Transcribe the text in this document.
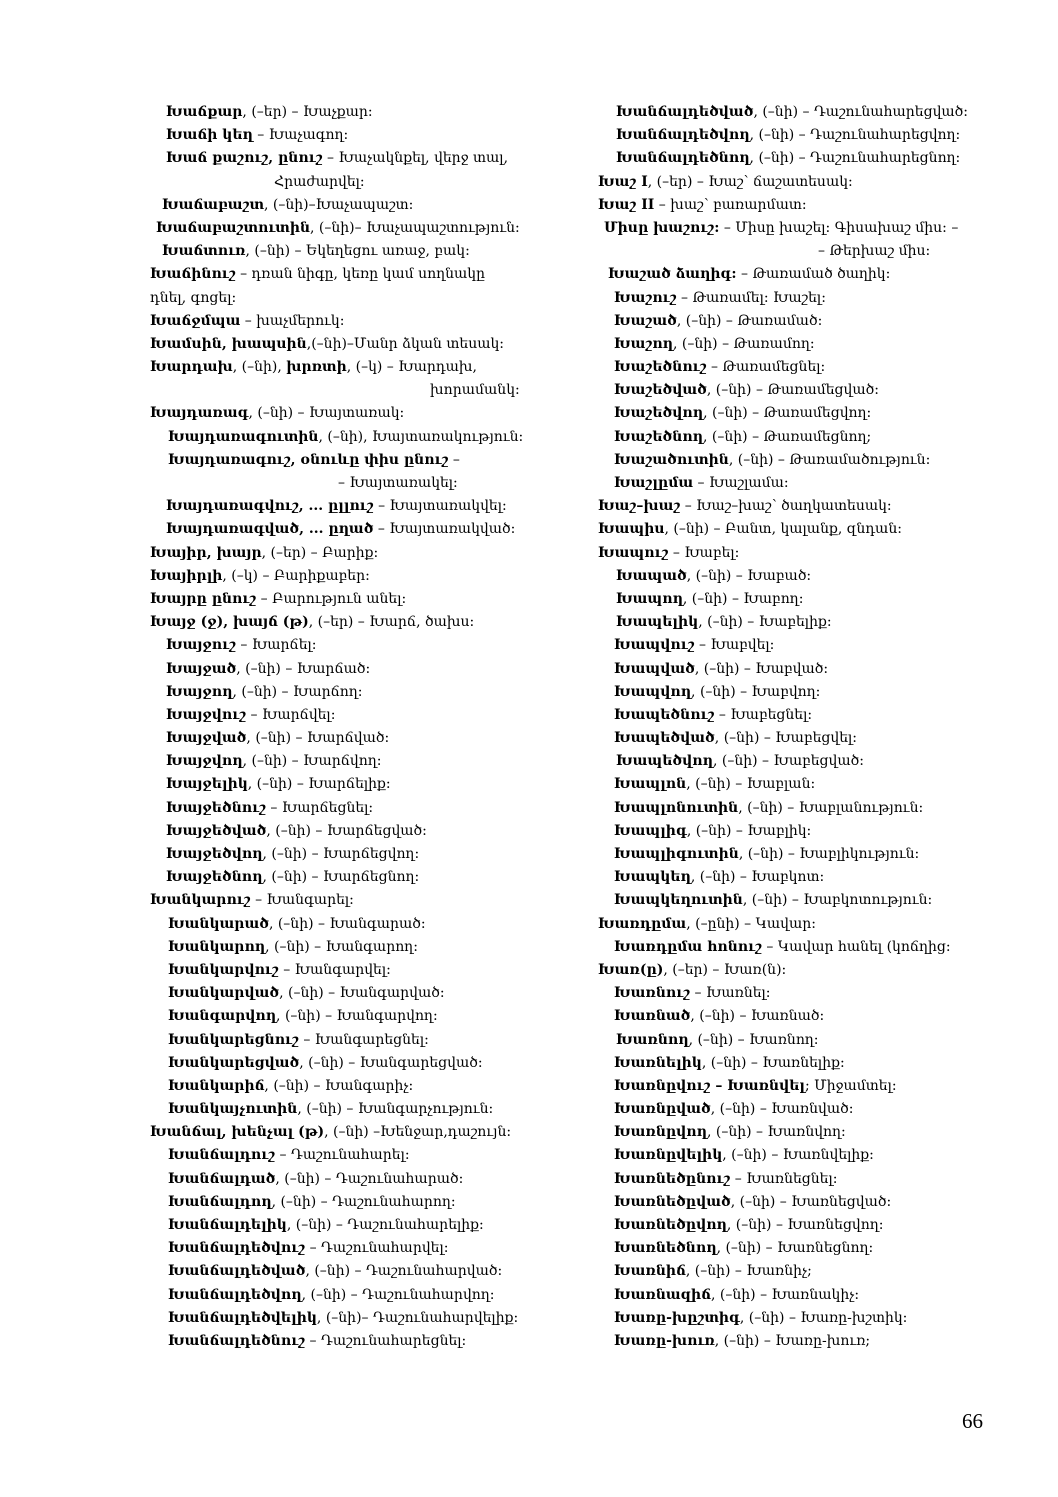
Խաճքար, (–եր) – Խաչքար։
Խաճի կեղ – Խաչագող։
Խաճ քաշուշ, ընուշ – Խաչակնքել, վերջ տալ,
Հրաժարվել։
Խաճաբաշտ, (–նի)–Խաչապաշտ։
Խաճաբաշտուտին, (–նի)– Խաչապաշտություն։
Խաճտուռ, (–նի) – Եկեղեցու առաջ, բակ։
Խաճինուշ – դռան նիգը, կեռը կամ սողնակը
դնել, գոցել։
Խաճջմպա – խաչմերուկ։
Խամսին, խապսին,(–նի)–Մանր ձկան տեսակ։
Խարդախ, (–նի), խրռտի, (–կ) – Խարդախ,
խորամանկ։
Խայդառագ, (–նի) – Խայտառակ։
Խայդառագուտին, (–նի), Խայտառակություն։
Խայդառագուշ, օնուևը փիս ընուշ –
– Խայտառակել։
Խայդառագվուշ, ... ըլլուշ – Խայտառակվել։
Խայդառագված, ... ըղած – Խայտառակված։
Խայիր, խայր, (–եր) – Բարիք։
Խայիրլի, (–կ) – Բարիքաբեր։
Խայրը ընուշ – Բարություն անել։
Խայջ (ջ), խայճ (թ), (–եր) – Խարճ, ծախս։
Խայջուշ – Խարճել։
Խայջած, (–նի) – Խարճած։
Խայջող, (–նի) – Խարճող։
Խայջվուշ – Խարճվել։
Խայջված, (–նի) – Խարճված։
Խայջվող, (–նի) – Խարճվող։
Խայջելիկ, (–նի) – Խարճելիք։
Խայջեծնուշ – Խարճեցնել։
Խայջեծված, (–նի) – Խարճեցված։
Խայջեծվող, (–նի) – Խարճեցվող։
Խայջեծնող, (–նի) – Խարճեցնող։
Խանկարուշ – Խանգարել։
Խանկարած, (–նի) – Խանգարած։
Խանկարող, (–նի) – Խանգարող։
Խանկարվուշ – Խանգարվել։
Խանկարված, (–նի) – Խանգարված։
Խանգարվող, (–նի) – Խանգարվող։
Խանկարեցնուշ – Խանգարեցնել։
Խանկարեցված, (–նի) – Խանգարեցված։
Խանկարիճ, (–նի) – Խանգարիչ։
Խանկայչուտին, (–նի) – Խանգարչություն։
Խանճալ, խենչալ (թ), (–նի) –Խենջար,դաշույն։
Խանճալդուշ – Դաշունահարել։
Խանճալդած, (–նի) – Դաշունահարած։
Խանճալդող, (–նի) – Դաշունահարող։
Խանճալդելիկ, (–նի) – Դաշունահարելիք։
Խանճալդեծվուշ – Դաշունահարվել։
Խանճալդեծված, (–նի) – Դաշունահարված։
Խանճալդեծվող, (–նի) – Դաշունահարվող։
Խանճալդեծվելիկ, (–նի)– Դաշունահարվելիք։
Խանճալդեծնուշ – Դաշունահարեցնել։
Խանճալդեծված, (–նի) – Դաշունահարեցված։
Խանճալդեծվող, (–նի) – Դաշունահարեցվող։
Խանճալդեծնող, (–նի) – Դաշունահարեցնող։
Խաշ I, (–եր) – Խաշ՝ ճաշատեսակ։
Խաշ II – խաշ՝ բառարմատ։
Միսը խաշուշ: – Միսը խաշել։ Գիսախաշ միս։ –
– Թերխաշ միս։
Խաշած ձաղիգ: – Թառամած ծաղիկ։
Խաշուշ – Թառամել։ Խաշել։
Խաշած, (–նի) – Թառամած։
Խաշող, (–նի) – Թառամող։
Խաշեծնուշ – Թառամեցնել։
Խաշեծված, (–նի) – Թառամեցված։
Խաշեծվող, (–նի) – Թառամեցվող։
Խաշեծնող, (–նի) – Թառամեցնող;
Խաշածուտին, (–նի) – Թառամածություն։
Խաշլըմա – Խաշլամա։
Խաշ–խաշ – Խաշ–խաշ՝ ծաղկատեսակ։
Խապիս, (–նի) – Բանտ, կալանք, զնդան։
Խապուշ – Խաբել։
Խապած, (–նի) – Խաբած։
Խապող, (–նի) – Խաբող։
Խապելիկ, (–նի) – Խաբելիք։
Խապվուշ – Խաբվել։
Խապված, (–նի) – Խաբված։
Խապվող, (–նի) – Խաբվող։
Խապեծնուշ – Խաբեցնել։
Խապեծված, (–նի) – Խաբեցվել։
Խապեծվող, (–նի) – Խաբեցված։
Խապլոն, (–նի) – Խաբլան։
Խապլոնուտին, (–նի) – Խաբլանություն։
Խապլիգ, (–նի) – Խաբլիկ։
Խապլիգուտին, (–նի) – Խաբլիկություն։
Խապկեղ, (–նի) – Խաբկոտ։
Խապկեղուտին, (–նի) – Խաբկոտություն։
Խառդըմա, (–ընի) – Կավար։
Խառդըմա հոնուշ – Կավար հանել (կոճղից։
Խառ(ը), (–եր) – Խառ(ն)։
Խառնուշ – Խառնել։
Խառնած, (–նի) – Խառնած։
Խառնող, (–նի) – Խառնող։
Խառնելիկ, (–նի) – Խառնելիք։
Խառնըվուշ – Խառնվել; Միջամտել։
Խառնըված, (–նի) – Խառնված։
Խառնըվող, (–նի) – Խառնվող։
Խառնըվելիկ, (–նի) – Խառնվելիք։
Խառնեծընուշ – Խառնեցնել։
Խառնեծըված, (–նի) – Խառնեցված։
Խառնեծըվող, (–նի) – Խառնեցվող։
Խառնեծնող, (–նի) – Խառնեցնող։
Խառնիճ, (–նի) – Խառնիչ;
Խառնազիճ, (–նի) – Խառնակիչ։
Խառը-խըշտիգ, (–նի) – Խառը-խշտիկ։
Խառը-խուռ, (–նի) – Խառը-խուռ;
66
